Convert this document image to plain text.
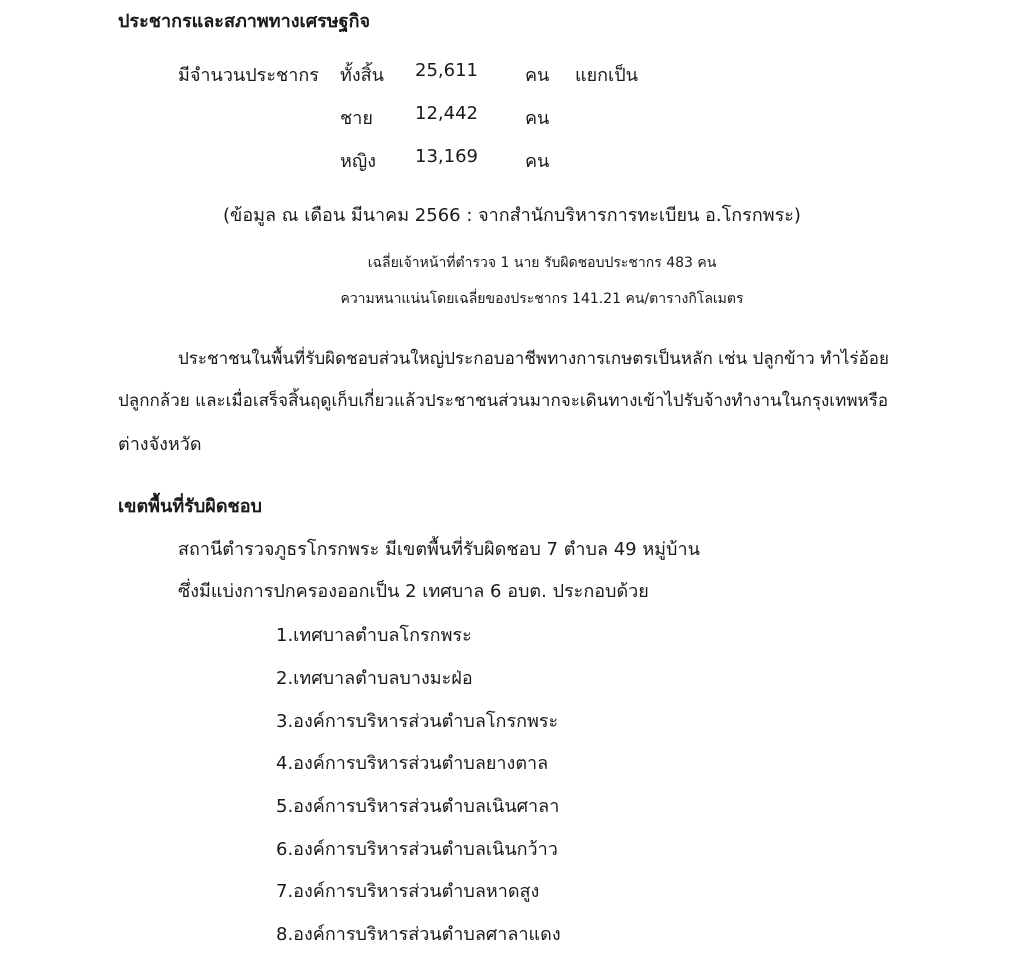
ประชากรและสภาพทางเศรษฐกิจ
มีจำนวนประชากร ทั้งสิ้น 25,611	คน แยกเป็น
ชาย 12,442	คน
หญิง 13,169	คน
(ข้อมูล ณ เดือน มีนาคม 2566 : จากสำนักบริหารการทะเบียน อ.โกรกพระ)
เฉลี่ยเจ้าหน้าที่ตำรวจ 1 นาย รับผิดชอบประชากร 483 คน
ความหนาแน่นโดยเฉลี่ยของประชากร 141.21 คน/ตารางกิโลเมตร
ประชาชนในพื้นที่รับผิดชอบส่วนใหญ่ประกอบอาชีพทางการเกษตรเป็นหลัก เช่น ปลูกข้าว ทำไร่อ้อย
ปลูกกล้วย และเมื่อเสร็จสิ้นฤดูเก็บเกี่ยวแล้วประชาชนส่วนมากจะเดินทางเข้าไปรับจ้างทำงานในกรุงเทพหรือ
ต่างจังหวัด
เขตพื้นที่รับผิดชอบ
สถานีตำรวจภูธรโกรกพระ มีเขตพื้นที่รับผิดชอบ 7 ตำบล 49 หมู่บ้าน
ซึ่งมีแบ่งการปกครองออกเป็น 2 เทศบาล 6 อบต. ประกอบด้วย
1.เทศบาลตำบลโกรกพระ
2.เทศบาลตำบลบางมะฝ่อ
3.องค์การบริหารส่วนตำบลโกรกพระ
4.องค์การบริหารส่วนตำบลยางตาล
5.องค์การบริหารส่วนตำบลเนินศาลา
6.องค์การบริหารส่วนตำบลเนินกว้าว
7.องค์การบริหารส่วนตำบลหาดสูง
8.องค์การบริหารส่วนตำบลศาลาแดง
